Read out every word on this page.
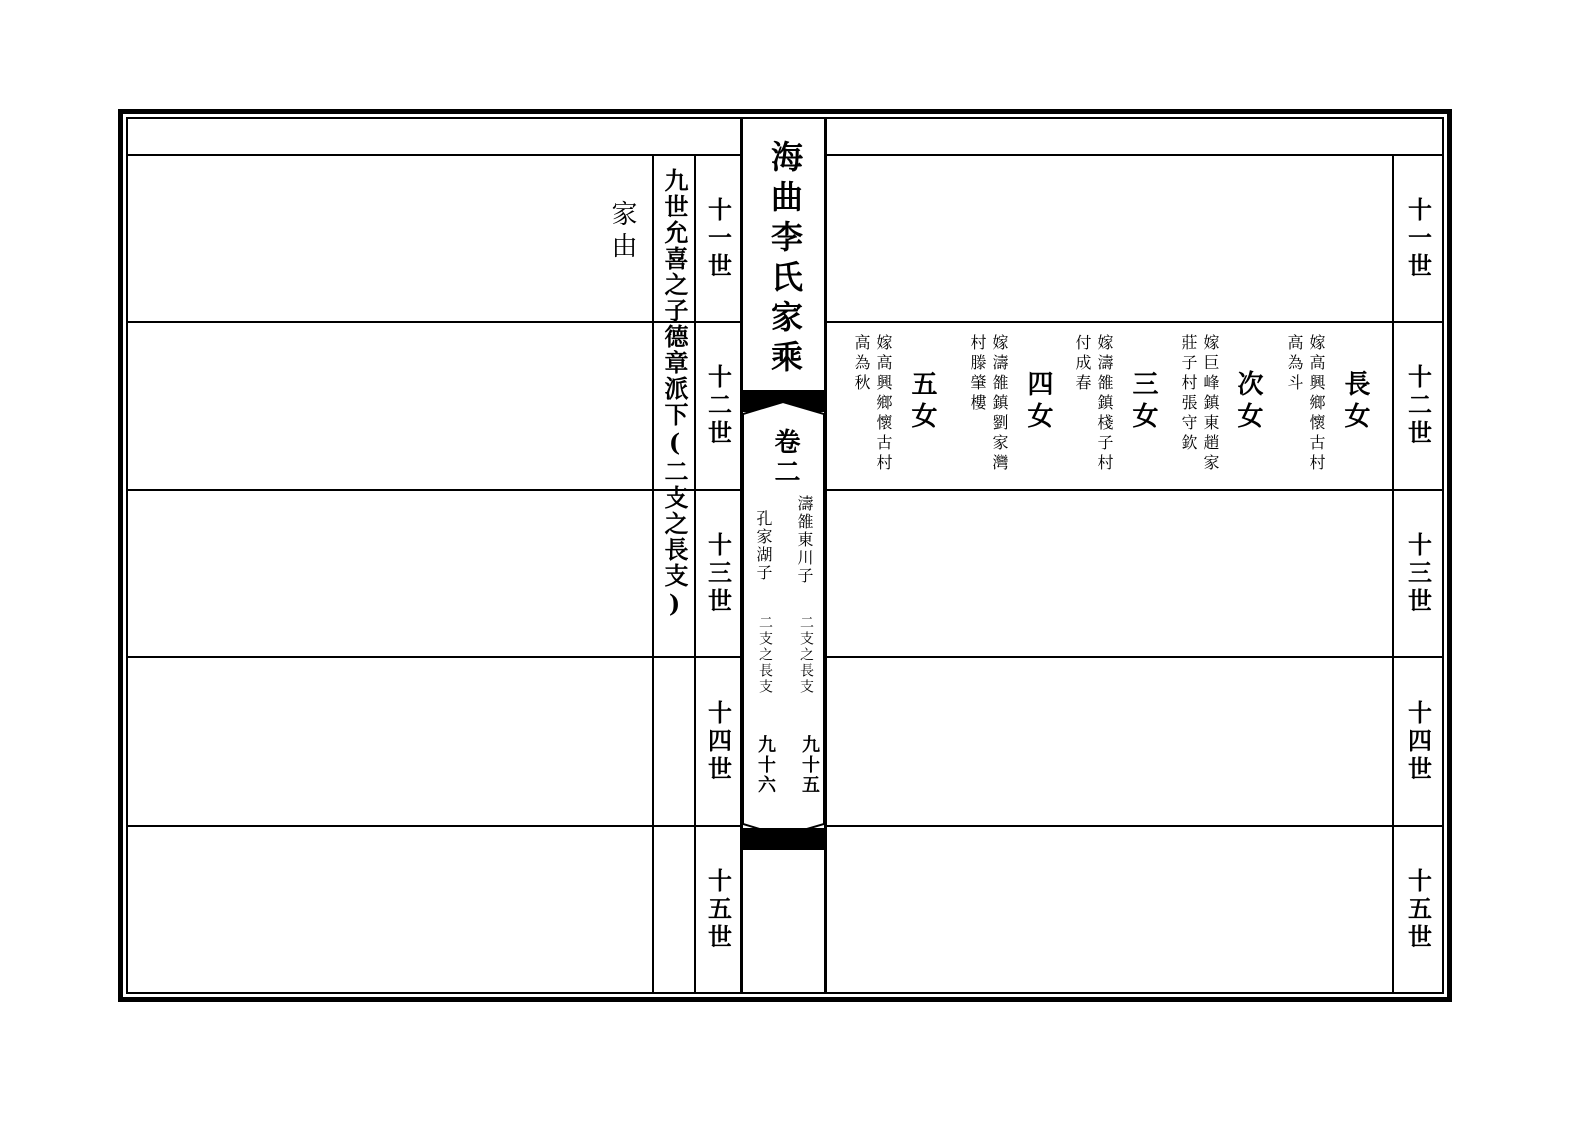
十一世
十二世
十三世
十四世
十五世
九世允喜之子德章派下(二支之長支)
家由	海曲李氏家乘
卷二
濤雒東川子
孔家湖子
二支之長支
二支之長支
九十五
九十六
十一世
十二世
十三世
十四世
十五世
長女
嫁高興鄉懷古村
高為斗
次女
嫁巨峰鎮東趙家
莊子村張守欽
三女
嫁濤雒鎮棧子村
付成春
四女
嫁濤雒鎮劉家灣
村滕肇樓
五女
嫁高興鄉懷古村
高為秋
